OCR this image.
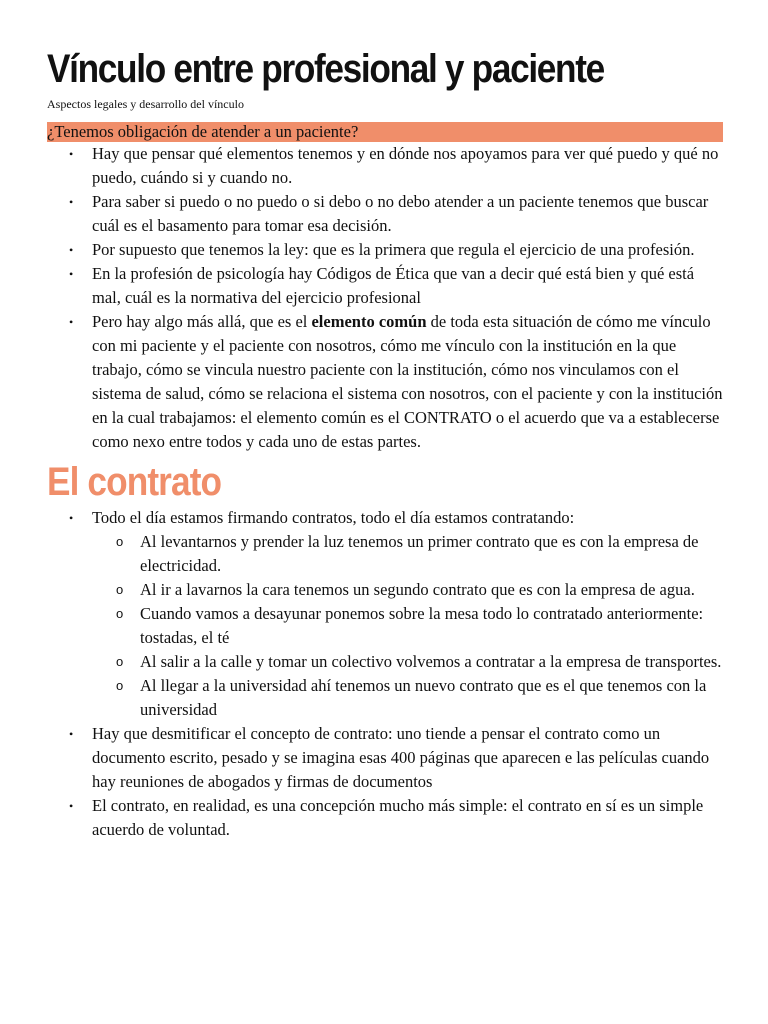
Vínculo entre profesional y paciente

Aspectos legales y desarrollo del vínculo

¿Tenemos obligación de atender a un paciente?
• Hay que pensar qué elementos tenemos y en dónde nos apoyamos para ver qué puedo y qué no puedo, cuándo si y cuando no.
• Para saber si puedo o no puedo o si debo o no debo atender a un paciente tenemos que buscar cuál es el basamento para tomar esa decisión.
• Por supuesto que tenemos la ley: que es la primera que regula el ejercicio de una profesión.
• En la profesión de psicología hay Códigos de Ética que van a decir qué está bien y qué está mal, cuál es la normativa del ejercicio profesional
• Pero hay algo más allá, que es el elemento común de toda esta situación de cómo me vínculo con mi paciente y el paciente con nosotros, cómo me vínculo con la institución en la que trabajo, cómo se vincula nuestro paciente con la institución, cómo nos vinculamos con el sistema de salud, cómo se relaciona el sistema con nosotros, con el paciente y con la institución en la cual trabajamos: el elemento común es el CONTRATO o el acuerdo que va a establecerse como nexo entre todos y cada uno de estas partes.
El contrato
• Todo el día estamos firmando contratos, todo el día estamos contratando:
o Al levantarnos y prender la luz tenemos un primer contrato que es con la empresa de electricidad.
o Al ir a lavarnos la cara tenemos un segundo contrato que es con la empresa de agua.
o Cuando vamos a desayunar ponemos sobre la mesa todo lo contratado anteriormente: tostadas, el té
o Al salir a la calle y tomar un colectivo volvemos a contratar a la empresa de transportes.
o Al llegar a la universidad ahí tenemos un nuevo contrato que es el que tenemos con la universidad
• Hay que desmitificar el concepto de contrato: uno tiende a pensar el contrato como un documento escrito, pesado y se imagina esas 400 páginas que aparecen e las películas cuando hay reuniones de abogados y firmas de documentos
• El contrato, en realidad, es una concepción mucho más simple: el contrato en sí es un simple acuerdo de voluntad.
